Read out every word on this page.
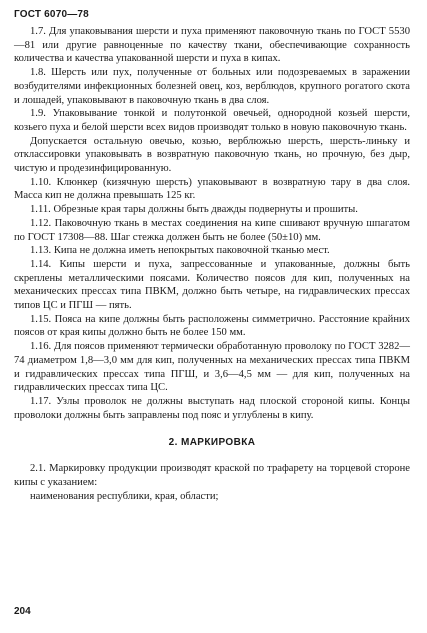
ГОСТ 6070—78

1.7. Для упаковывания шерсти и пуха применяют паковочную ткань по ГОСТ 5530—81 или другие равноценные по качеству ткани, обеспечивающие сохранность количества и качества упакованной шерсти и пуха в кипах.

1.8. Шерсть или пух, полученные от больных или подозреваемых в заражении возбудителями инфекционных болезней овец, коз, верблюдов, крупного рогатого скота и лошадей, упаковывают в паковочную ткань в два слоя.

1.9. Упаковывание тонкой и полутонкой овечьей, однородной козьей шерсти, козьего пуха и белой шерсти всех видов производят только в новую паковочную ткань.

Допускается остальную овечью, козью, верблюжью шерсть, шерсть-линьку и отклассировки упаковывать в возвратную паковочную ткань, но прочную, без дыр, чистую и продезинфицированную.

1.10. Клюнкер (кизячную шерсть) упаковывают в возвратную тару в два слоя. Масса кип не должна превышать 125 кг.

1.11. Обрезные края тары должны быть дважды подвернуты и прошиты.

1.12. Паковочную ткань в местах соединения на кипе сшивают вручную шпагатом по ГОСТ 17308—88. Шаг стежка должен быть не более (50±10) мм.

1.13. Кипа не должна иметь непокрытых паковочной тканью мест.

1.14. Кипы шерсти и пуха, запрессованные и упакованные, должны быть скреплены металлическими поясами. Количество поясов для кип, полученных на механических прессах типа ПВКМ, должно быть четыре, на гидравлических прессах типов ЦС и ПГШ — пять.

1.15. Пояса на кипе должны быть расположены симметрично. Расстояние крайних поясов от края кипы должно быть не более 150 мм.

1.16. Для поясов применяют термически обработанную проволоку по ГОСТ 3282—74 диаметром 1,8—3,0 мм для кип, полученных на механических прессах типа ПВКМ и гидравлических прессах типа ПГШ, и 3,6—4,5 мм — для кип, полученных на гидравлических прессах типа ЦС.

1.17. Узлы проволок не должны выступать над плоской стороной кипы. Концы проволоки должны быть заправлены под пояс и углублены в кипу.

2. МАРКИРОВКА

2.1. Маркировку продукции производят краской по трафарету на торцевой стороне кипы с указанием:

наименования республики, края, области;

204
